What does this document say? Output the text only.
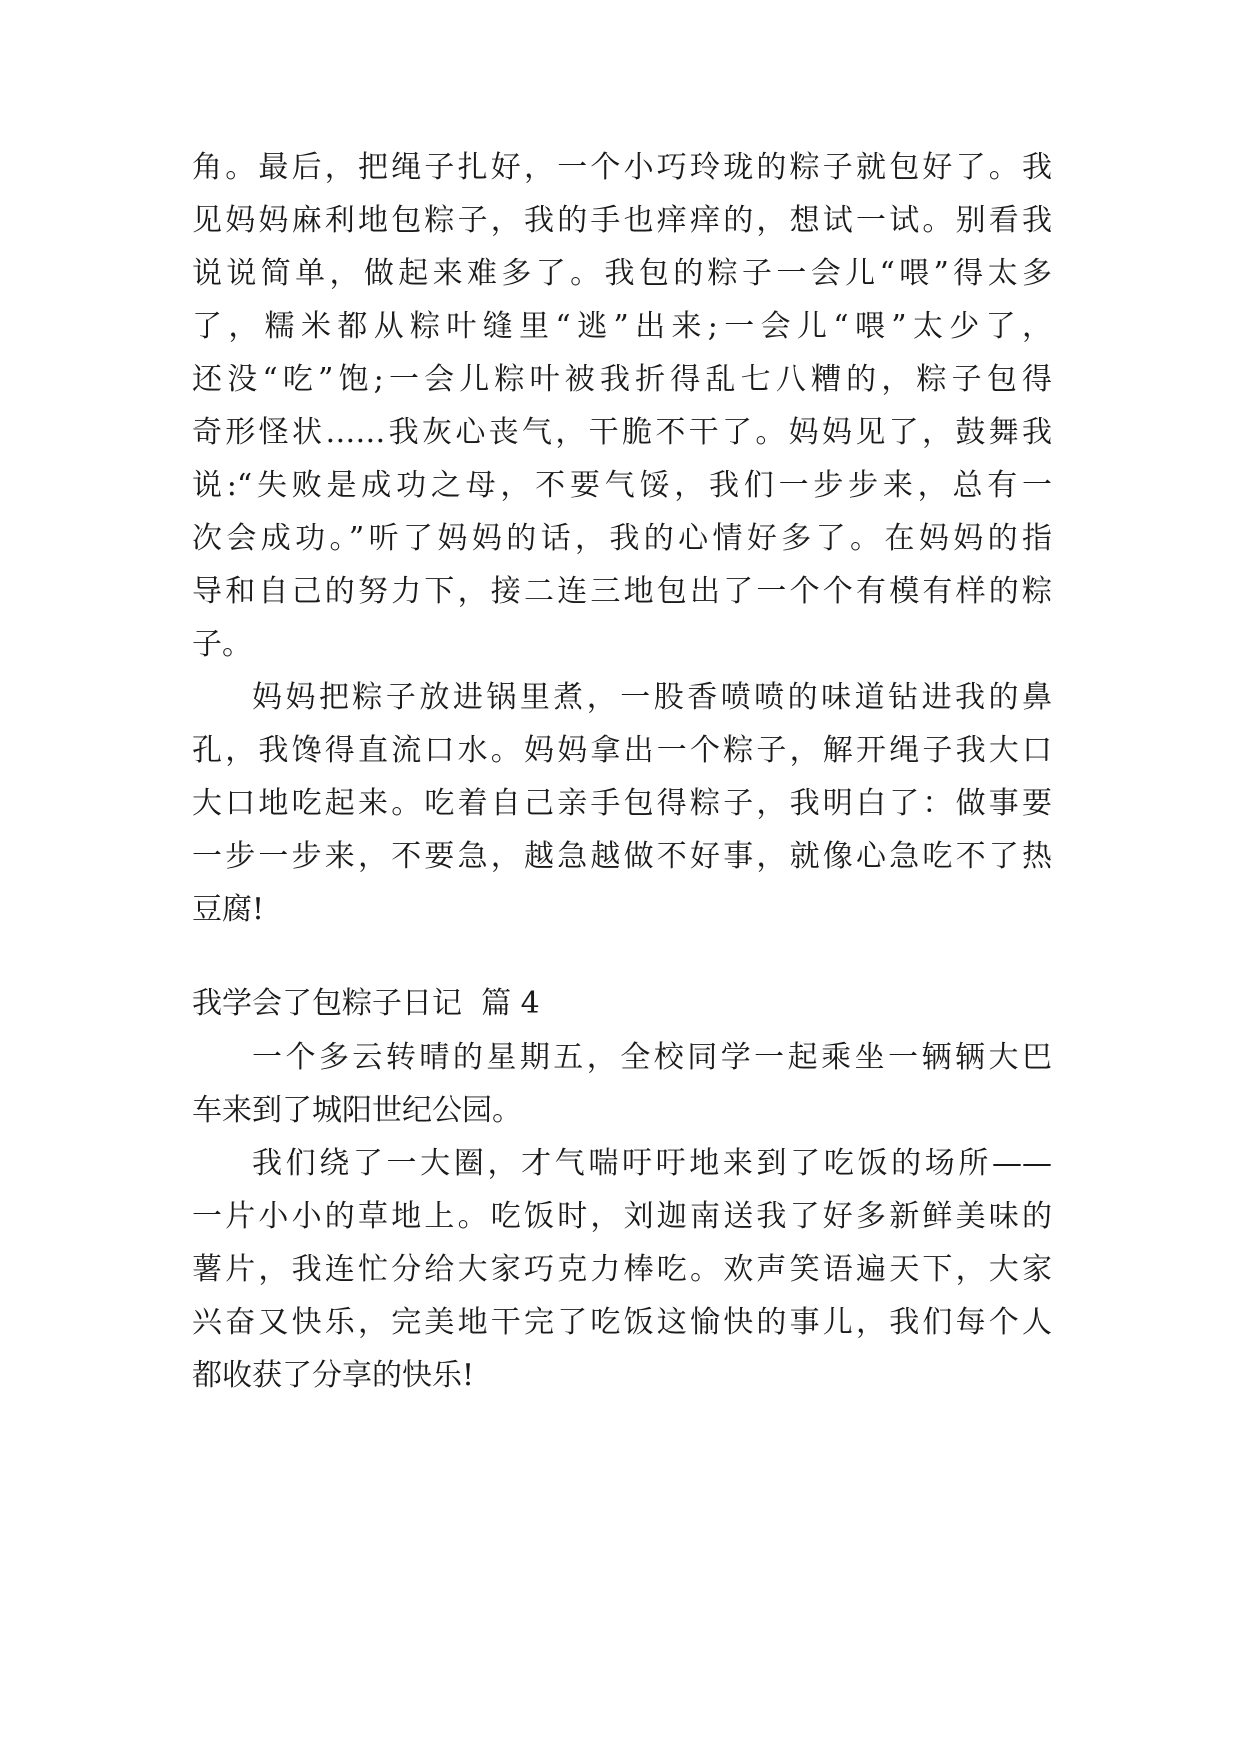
角。最后，把绳子扎好，一个小巧玲珑的粽子就包好了。我
见妈妈麻利地包粽子，我的手也痒痒的，想试一试。别看我
说说简单，做起来难多了。我包的粽子一会儿“喂”得太多
了，糯米都从粽叶缝里“逃”出来;一会儿“喂”太少了，
还没“吃”饱;一会儿粽叶被我折得乱七八糟的，粽子包得
奇形怪状……我灰心丧气，干脆不干了。妈妈见了，鼓舞我
说:“失败是成功之母，不要气馁，我们一步步来，总有一
次会成功。”听了妈妈的话，我的心情好多了。在妈妈的指
导和自己的努力下，接二连三地包出了一个个有模有样的粽
子。
妈妈把粽子放进锅里煮，一股香喷喷的味道钻进我的鼻
孔，我馋得直流口水。妈妈拿出一个粽子，解开绳子我大口
大口地吃起来。吃着自己亲手包得粽子，我明白了：做事要
一步一步来，不要急，越急越做不好事，就像心急吃不了热
豆腐!
我学会了包粽子日记  篇 4
一个多云转晴的星期五，全校同学一起乘坐一辆辆大巴
车来到了城阳世纪公园。
我们绕了一大圈，才气喘吁吁地来到了吃饭的场所——
一片小小的草地上。吃饭时，刘迦南送我了好多新鲜美味的
薯片，我连忙分给大家巧克力棒吃。欢声笑语遍天下，大家
兴奋又快乐，完美地干完了吃饭这愉快的事儿，我们每个人
都收获了分享的快乐!
